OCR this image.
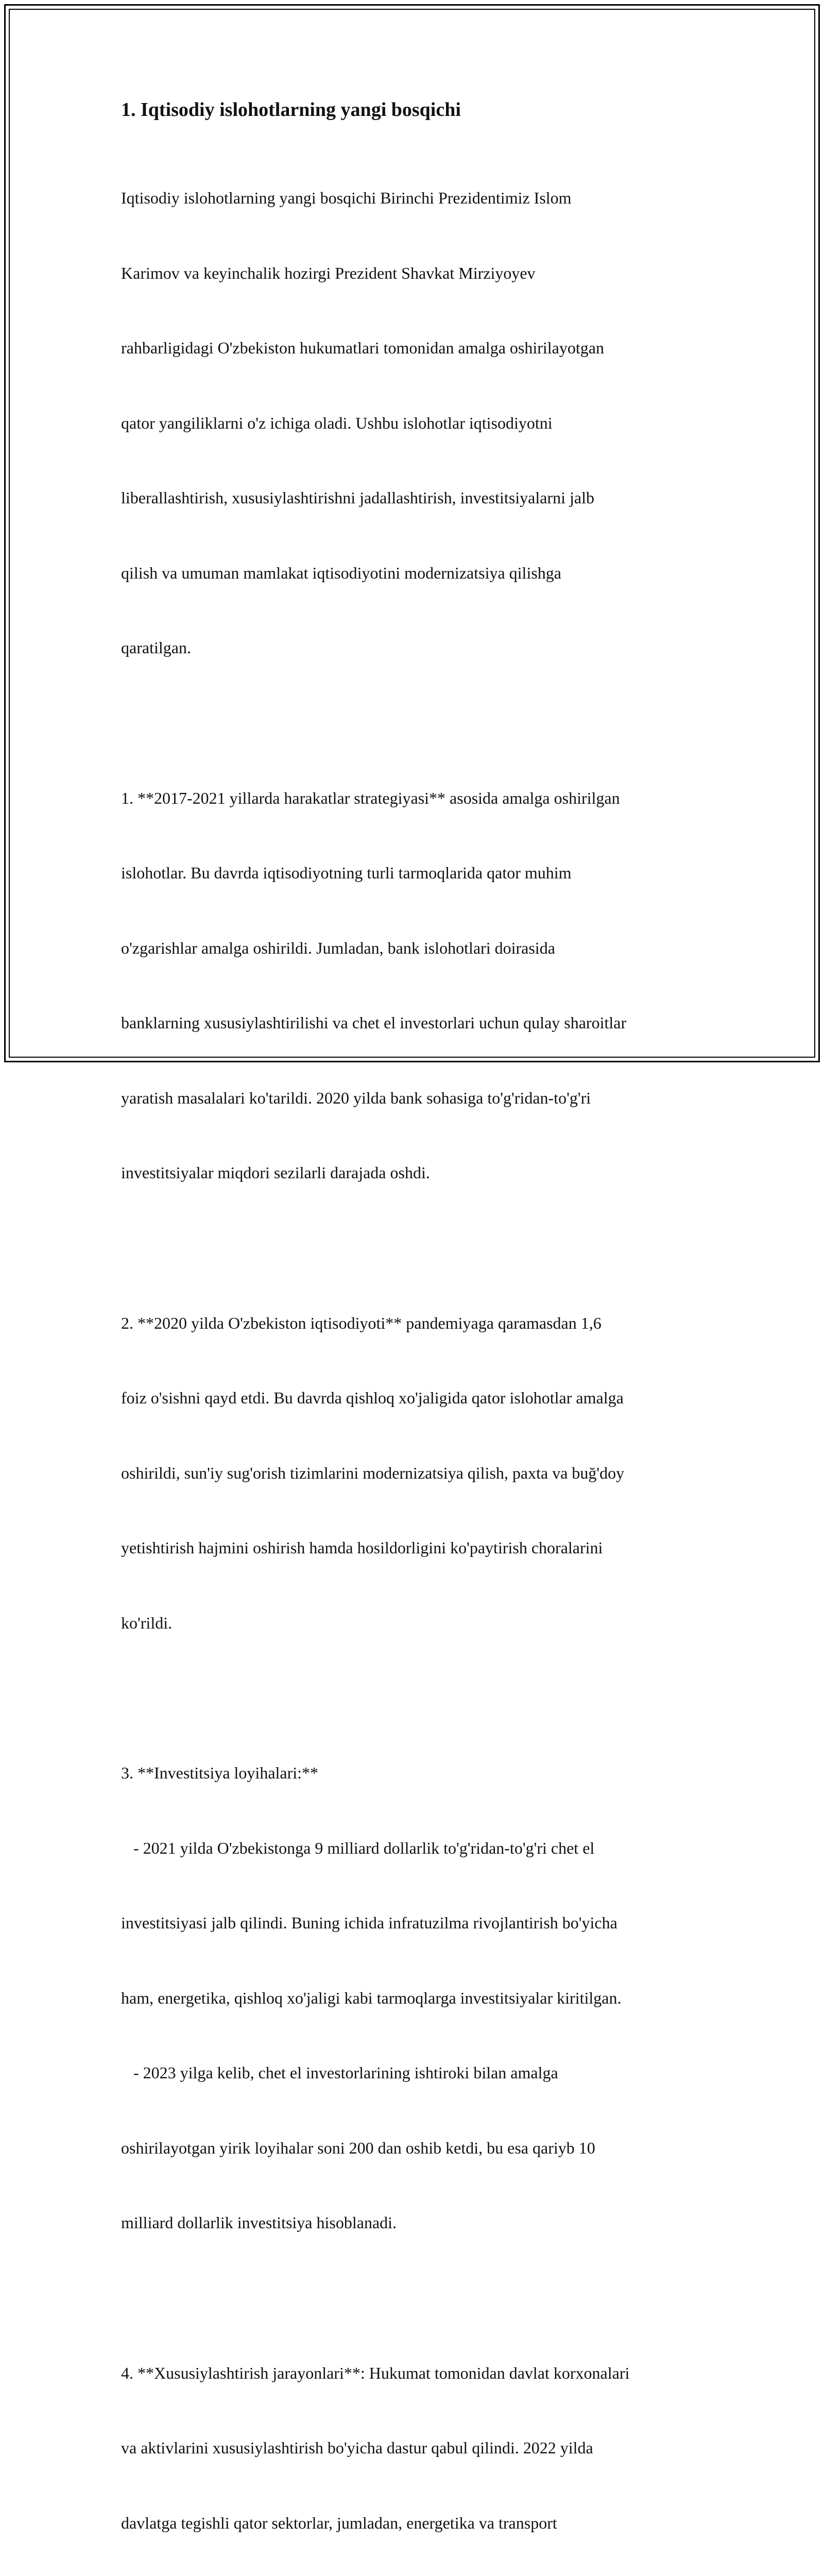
1. Iqtisodiy islohotlarning yangi bosqichi

Iqtisodiy islohotlarning yangi bosqichi Birinchi Prezidentimiz Islom

Karimov va keyinchalik hozirgi Prezident Shavkat Mirziyoyev

rahbarligidagi O'zbekiston hukumatlari tomonidan amalga oshirilayotgan

qator yangiliklarni o'z ichiga oladi. Ushbu islohotlar iqtisodiyotni

liberallashtirish, xususiylashtirishni jadallashtirish, investitsiyalarni jalb

qilish va umuman mamlakat iqtisodiyotini modernizatsiya qilishga

qaratilgan.

1. **2017-2021 yillarda harakatlar strategiyasi** asosida amalga oshirilgan

islohotlar. Bu davrda iqtisodiyotning turli tarmoqlarida qator muhim

o'zgarishlar amalga oshirildi. Jumladan, bank islohotlari doirasida

banklarning xususiylashtirilishi va chet el investorlari uchun qulay sharoitlar

yaratish masalalari ko'tarildi. 2020 yilda bank sohasiga to'g'ridan-to'g'ri

investitsiyalar miqdori sezilarli darajada oshdi.

2. **2020 yilda O'zbekiston iqtisodiyoti** pandemiyaga qaramasdan 1,6

foiz o'sishni qayd etdi. Bu davrda qishloq xo'jaligida qator islohotlar amalga

oshirildi, sun'iy sug'orish tizimlarini modernizatsiya qilish, paxta va buğ'doy

yetishtirish hajmini oshirish hamda hosildorligini ko'paytirish choralarini

ko'rildi.

3. **Investitsiya loyihalari:**

- 2021 yilda O'zbekistonga 9 milliard dollarlik to'g'ridan-to'g'ri chet el

investitsiyasi jalb qilindi. Buning ichida infratuzilma rivojlantirish bo'yicha

ham, energetika, qishloq xo'jaligi kabi tarmoqlarga investitsiyalar kiritilgan.

- 2023 yilga kelib, chet el investorlarining ishtiroki bilan amalga

oshirilayotgan yirik loyihalar soni 200 dan oshib ketdi, bu esa qariyb 10

milliard dollarlik investitsiya hisoblanadi.

4. **Xususiylashtirish jarayonlari**: Hukumat tomonidan davlat korxonalari

va aktivlarini xususiylashtirish bo'yicha dastur qabul qilindi. 2022 yilda

davlatga tegishli qator sektorlar, jumladan, energetika va transport
